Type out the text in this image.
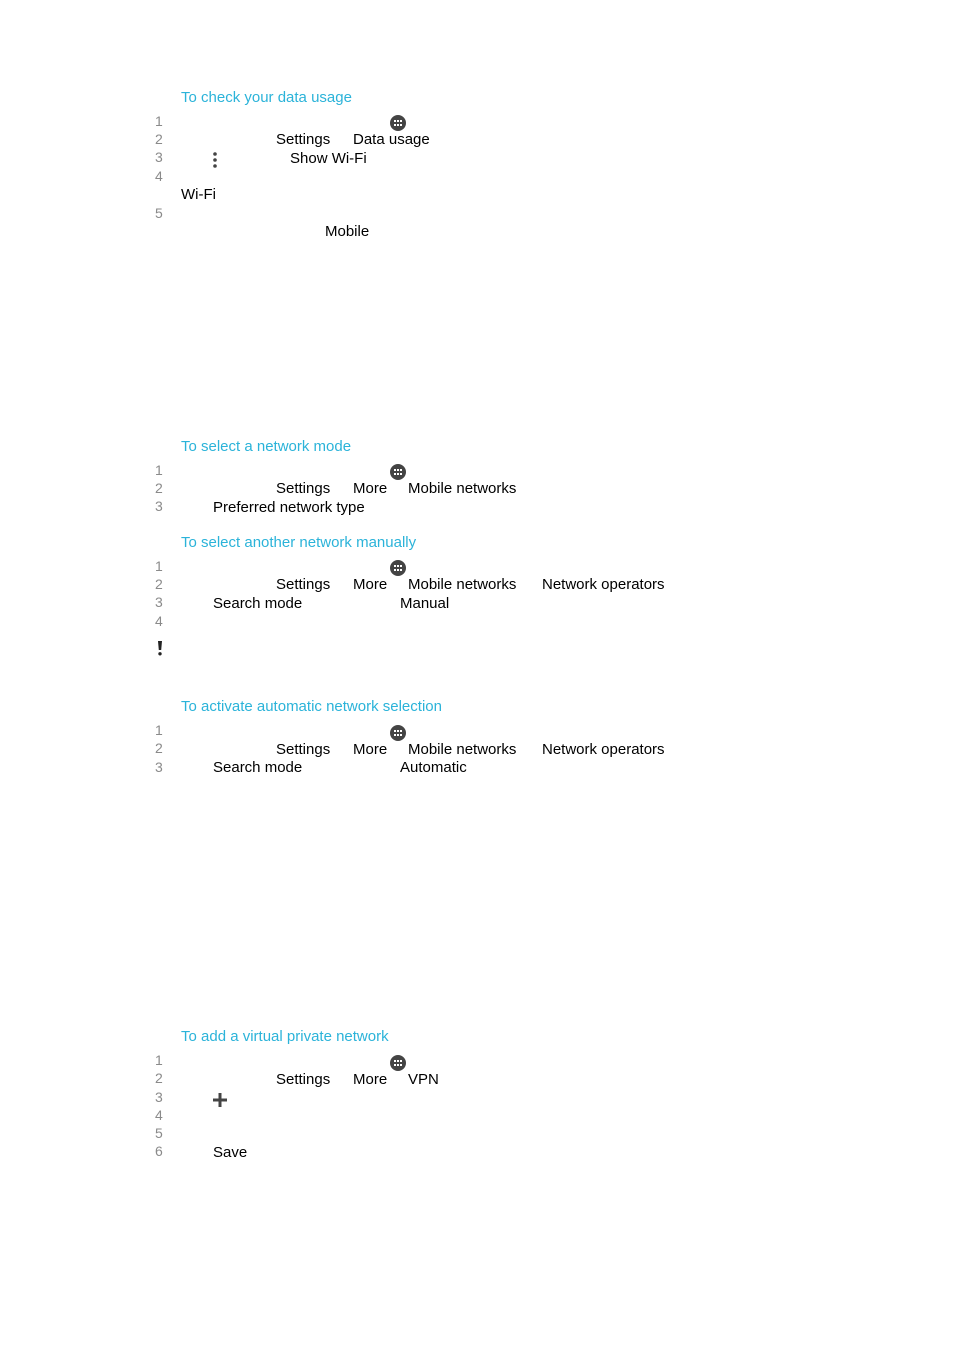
To check your data usage
1
2
3
4
5
Settings Data usage
Show Wi-Fi
Wi-Fi
Mobile
To select a network mode
1
2
3
Settings More Mobile networks
Preferred network type
To select another network manually
1
2
3
4
Settings More Mobile networks Network operators
Search mode	Manual
To activate automatic network selection
1
2
3
Settings More Mobile networks Network operators
Search mode	Automatic
To add a virtual private network
1
2
3
4
5
6
Settings More VPN
Save
